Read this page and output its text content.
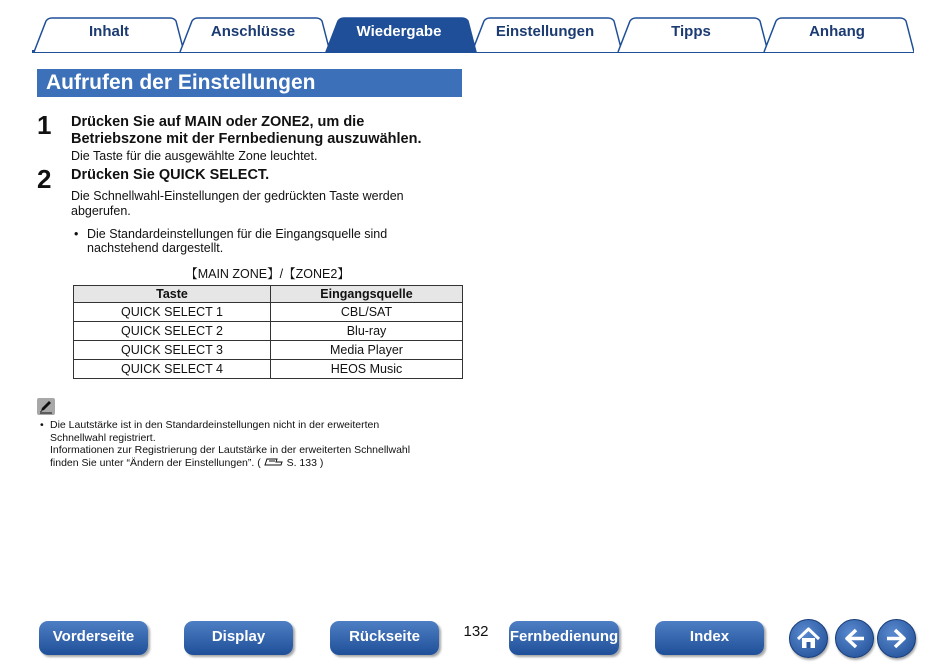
Inhalt	Anschlüsse	Wiedergabe	Einstellungen	Tipps	Anhang
Aufrufen der Einstellungen
1 Drücken Sie auf MAIN oder ZONE2, um die
Betriebszone mit der Fernbedienung auszuwählen.
Die Taste für die ausgewählte Zone leuchtet.
2 Drücken Sie QUICK SELECT.
Die Schnellwahl-Einstellungen der gedrückten Taste werden
abgerufen.
• Die Standardeinstellungen für die Eingangsquelle sind
nachstehend dargestellt.
【MAIN ZONE】/【ZONE2】
Taste	Eingangsquelle
QUICK SELECT 1	CBL/SAT
QUICK SELECT 2	Blu-ray
QUICK SELECT 3	Media Player
QUICK SELECT 4	HEOS Music
• Die Lautstärke ist in den Standardeinstellungen nicht in der erweiterten
Schnellwahl registriert.
Informationen zur Registrierung der Lautstärke in der erweiterten Schnellwahl
finden Sie unter “Ändern der Einstellungen”. ( S. 133 )
Vorderseite	Display	Rückseite	132	Fernbedienung	Index
